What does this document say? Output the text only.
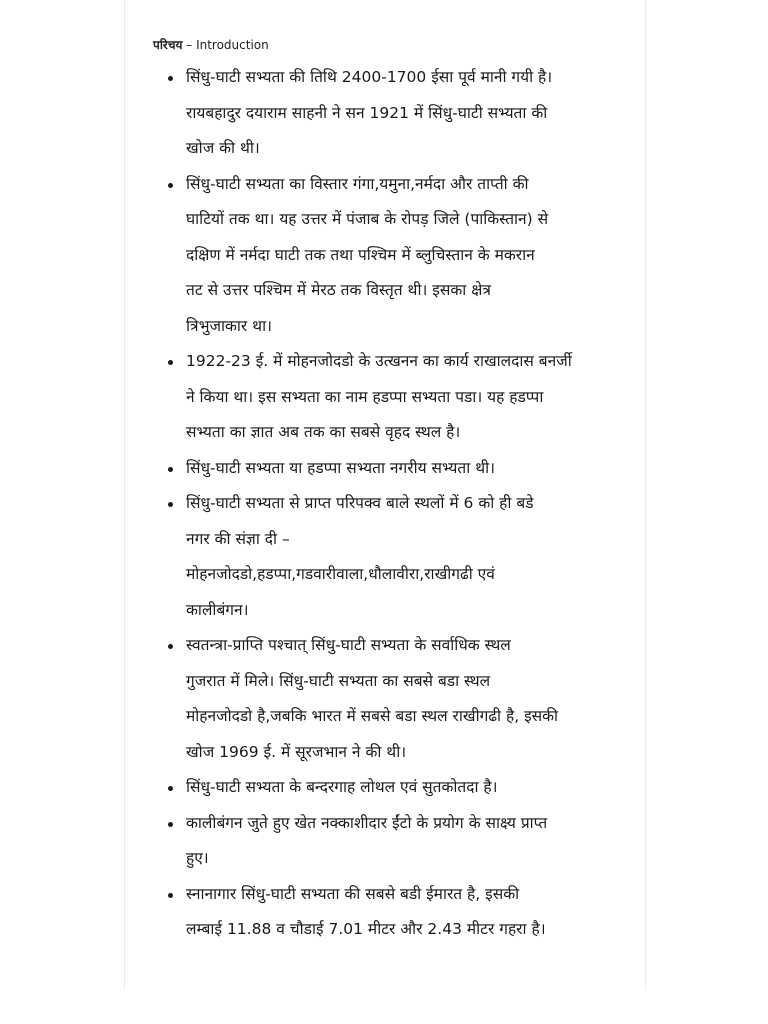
परिचय – Introduction
सिंधु-घाटी सभ्यता की तिथि 2400-1700 ईसा पूर्व मानी गयी है।
रायबहादुर दयाराम साहनी ने सन 1921 में सिंधु-घाटी सभ्यता की
खोज की थी।
सिंधु-घाटी सभ्यता का विस्तार गंगा,यमुना,नर्मदा और ताप्ती की
घाटियों तक था। यह उत्तर में पंजाब के रोपड़ जिले (पाकिस्तान) से
दक्षिण में नर्मदा घाटी तक तथा पश्चिम में ब्लुचिस्तान के मकरान
तट से उत्तर पश्चिम में मेरठ तक विस्तृत थी। इसका क्षेत्र
त्रिभुजाकार था।
1922-23 ई. में मोहनजोदडो के उत्खनन का कार्य राखालदास बनर्जी
ने किया था। इस सभ्यता का नाम हडप्पा सभ्यता पडा। यह हडप्पा
सभ्यता का ज्ञात अब तक का सबसे वृहद स्थल है।
सिंधु-घाटी सभ्यता या हडप्पा सभ्यता नगरीय सभ्यता थी।
सिंधु-घाटी सभ्यता से प्राप्त परिपक्व बाले स्थलों में 6 को ही बडे
नगर की संज्ञा दी –
मोहनजोदडो,हडप्पा,गडवारीवाला,धौलावीरा,राखीगढी एवं
कालीबंगन।
स्वतन्त्रा-प्राप्ति पश्चात् सिंधु-घाटी सभ्यता के सर्वाधिक स्थल
गुजरात में मिले। सिंधु-घाटी सभ्यता का सबसे बडा स्थल
मोहनजोदडो है,जबकि भारत में सबसे बडा स्थल राखीगढी है, इसकी
खोज 1969 ई. में सूरजभान ने की थी।
सिंधु-घाटी सभ्यता के बन्दरगाह लोथल एवं सुतकोतदा है।
कालीबंगन जुते हुए खेत नक्काशीदार ईंटो के प्रयोग के साक्ष्य प्राप्त
हुए।
स्नानागार सिंधु-घाटी सभ्यता की सबसे बडी ईमारत है, इसकी
लम्बाई 11.88 व चौडाई 7.01 मीटर और 2.43 मीटर गहरा है।
